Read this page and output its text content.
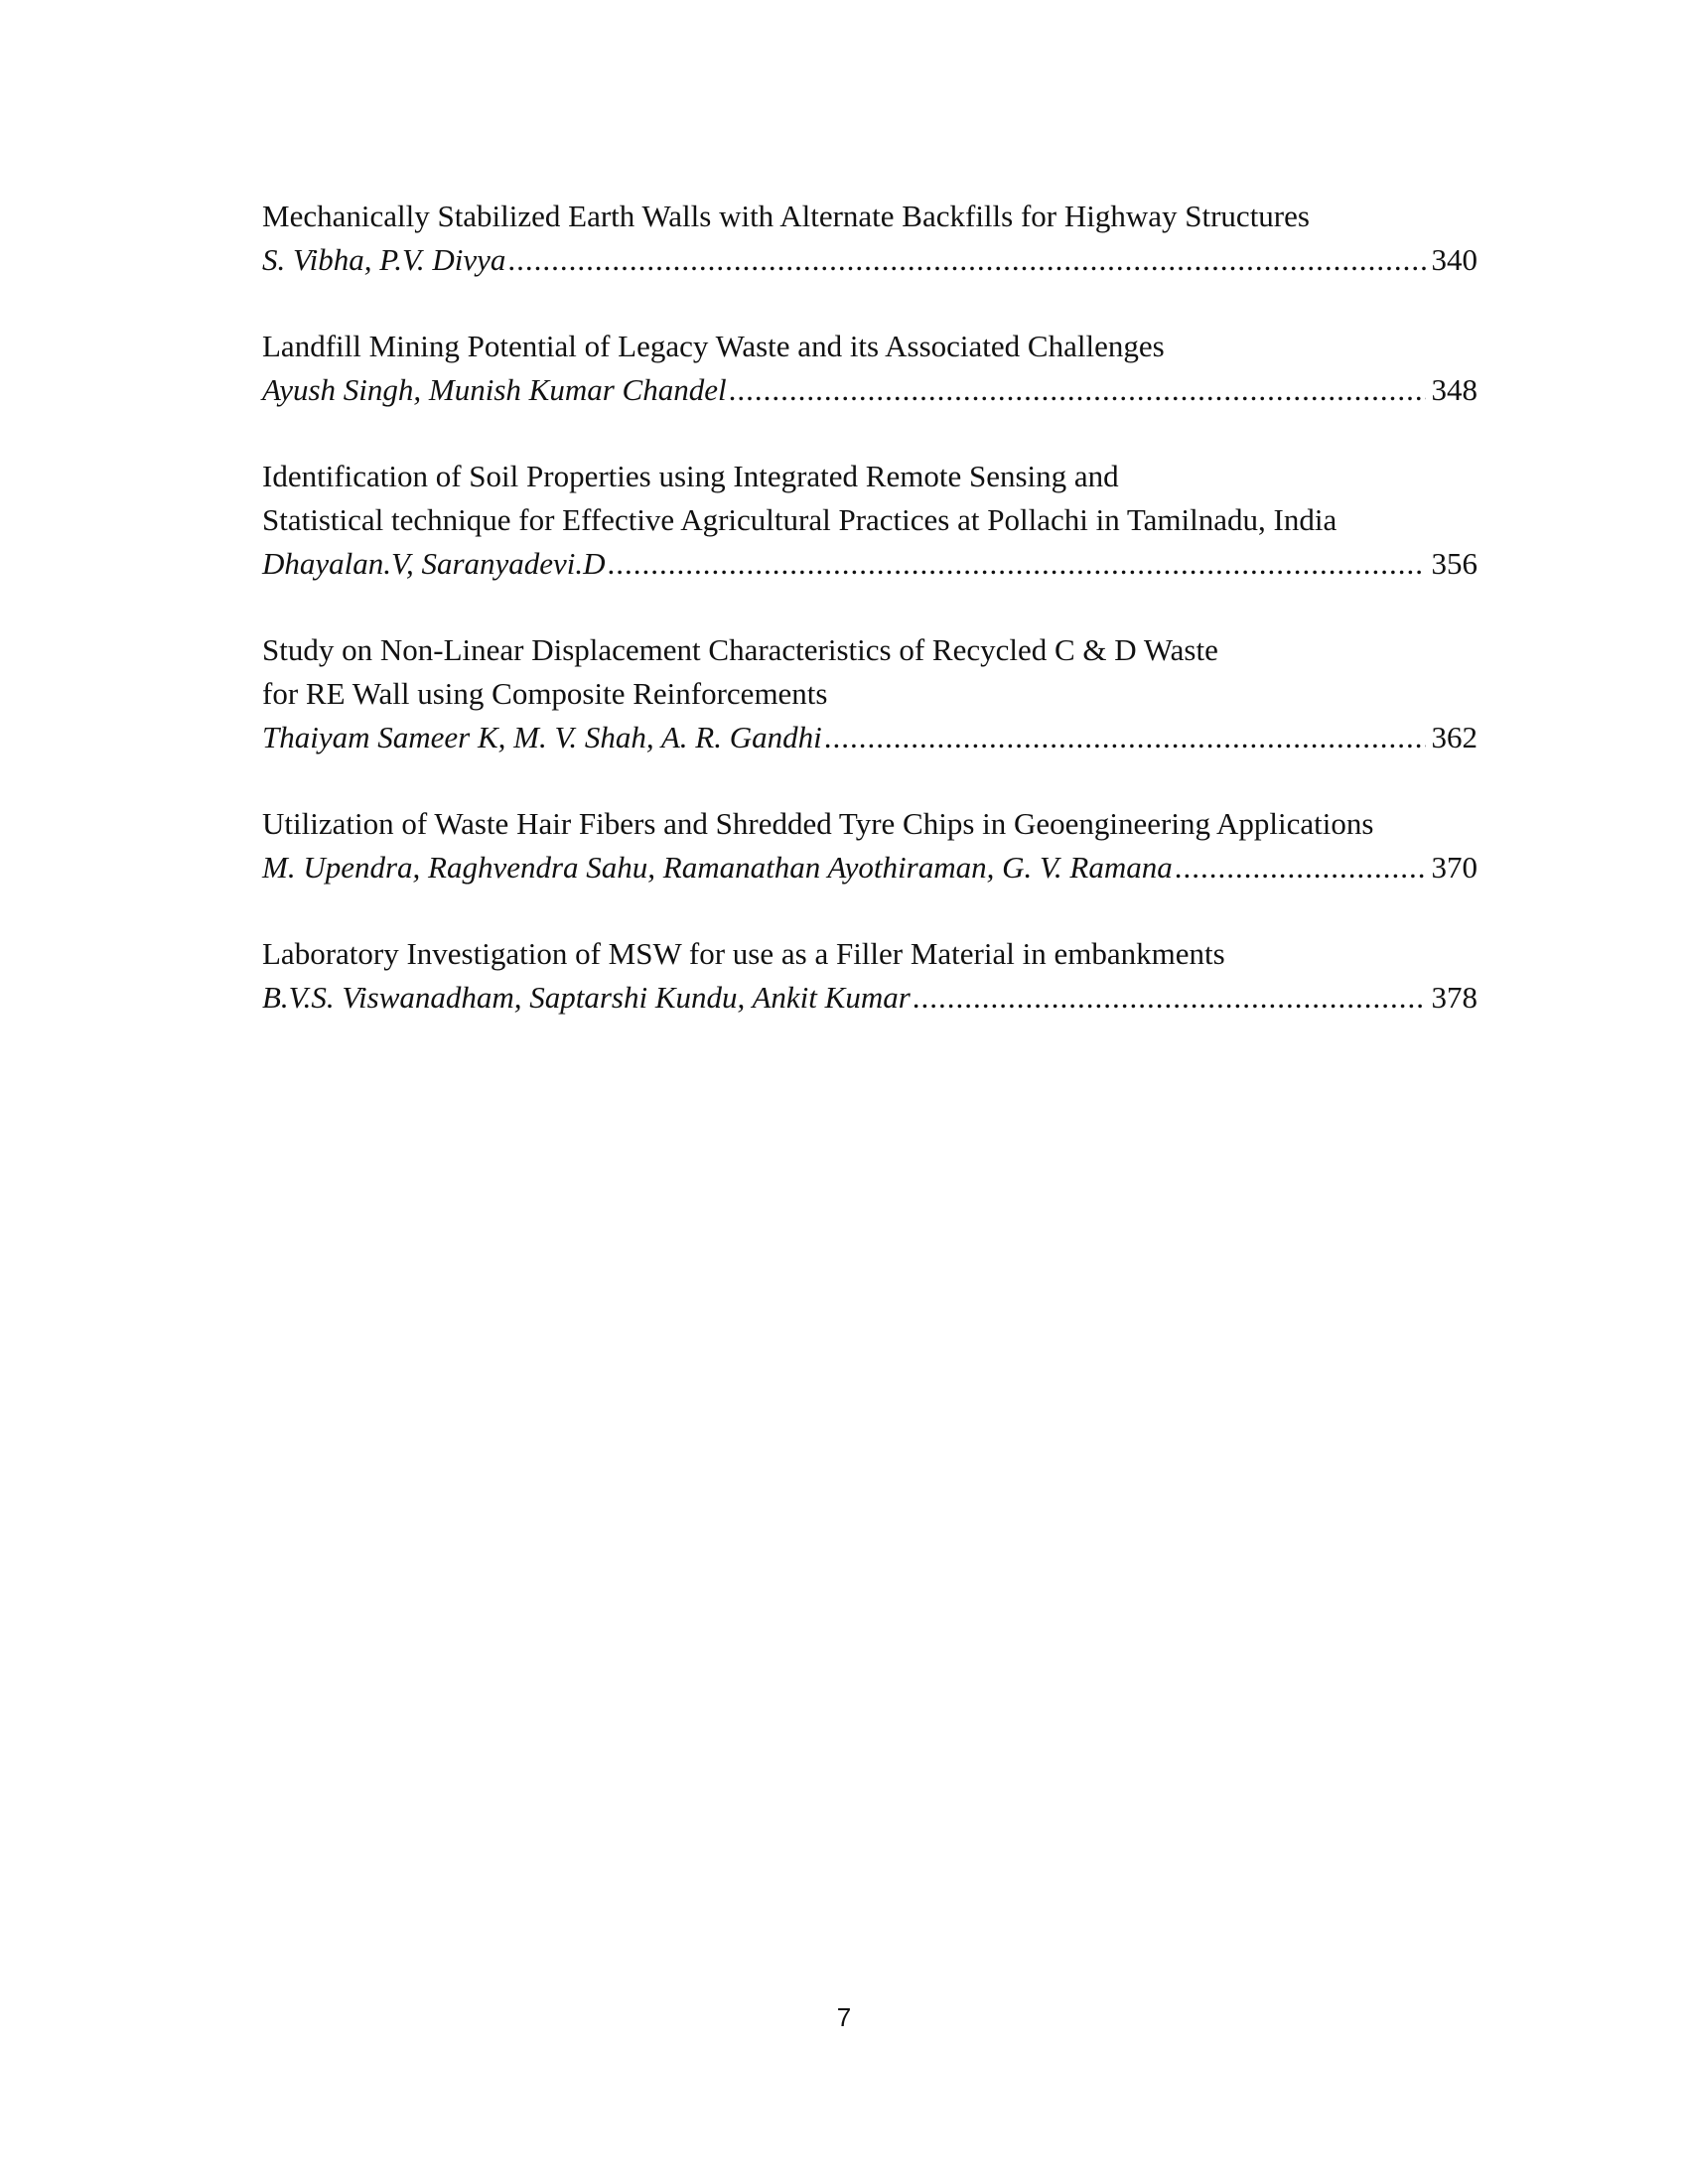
Mechanically Stabilized Earth Walls with Alternate Backfills for Highway Structures
S. Vibha, P.V. Divya .....	340
Landfill Mining Potential of Legacy Waste and its Associated Challenges
Ayush Singh, Munish Kumar Chandel .....	348
Identification of Soil Properties using Integrated Remote Sensing and
Statistical technique for Effective Agricultural Practices at Pollachi in Tamilnadu, India
Dhayalan.V, Saranyadevi.D .....	356
Study on Non-Linear Displacement Characteristics of Recycled C & D Waste
for RE Wall using Composite Reinforcements
Thaiyam Sameer K, M. V. Shah, A. R. Gandhi .....	362
Utilization of Waste Hair Fibers and Shredded Tyre Chips in Geoengineering Applications
M. Upendra, Raghvendra Sahu, Ramanathan Ayothiraman, G. V. Ramana .....	370
Laboratory Investigation of MSW for use as a Filler Material in embankments
B.V.S. Viswanadham, Saptarshi Kundu, Ankit Kumar .....	378
7
